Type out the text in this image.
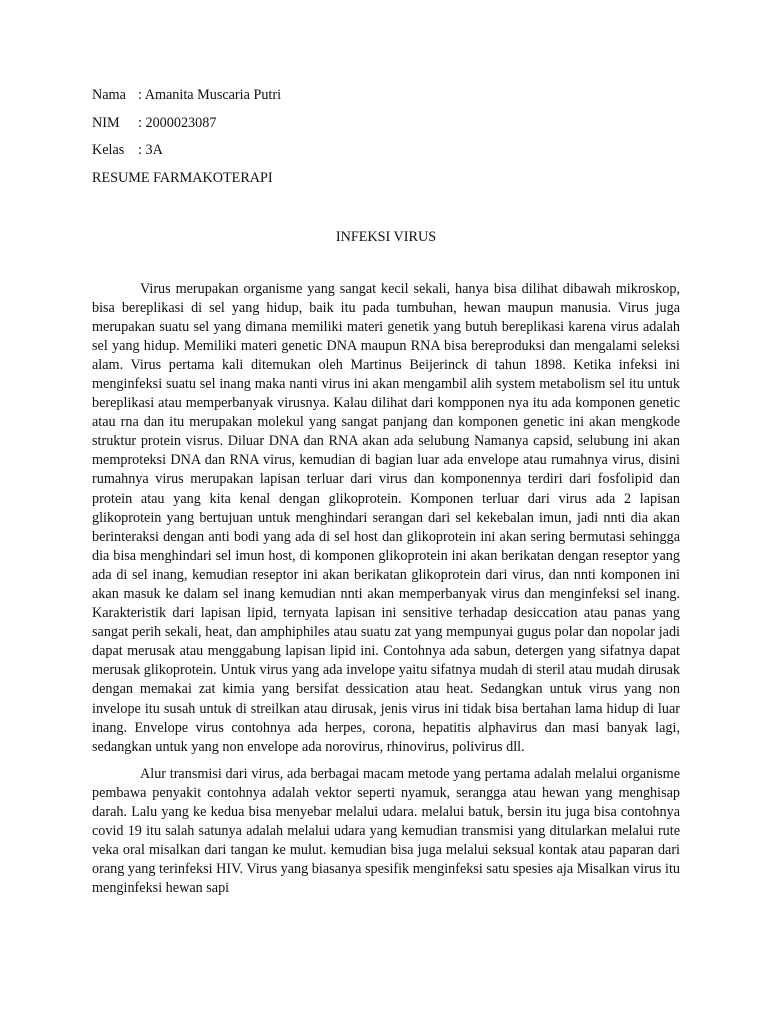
Nama : Amanita Muscaria Putri
NIM : 2000023087
Kelas : 3A
RESUME FARMAKOTERAPI
INFEKSI VIRUS

Virus merupakan organisme yang sangat kecil sekali, hanya bisa dilihat dibawah mikroskop, bisa bereplikasi di sel yang hidup, baik itu pada tumbuhan, hewan maupun manusia. Virus juga merupakan suatu sel yang dimana memiliki materi genetik yang butuh bereplikasi karena virus adalah sel yang hidup. Memiliki materi genetic DNA maupun RNA bisa bereproduksi dan mengalami seleksi alam. Virus pertama kali ditemukan oleh Martinus Beijerinck di tahun 1898. Ketika infeksi ini menginfeksi suatu sel inang maka nanti virus ini akan mengambil alih system metabolism sel itu untuk bereplikasi atau memperbanyak virusnya. Kalau dilihat dari kompponen nya itu ada komponen genetic atau rna dan itu merupakan molekul yang sangat panjang dan komponen genetic ini akan mengkode struktur protein visrus. Diluar DNA dan RNA akan ada selubung Namanya capsid, selubung ini akan memproteksi DNA dan RNA virus, kemudian di bagian luar ada envelope atau rumahnya virus, disini rumahnya virus merupakan lapisan terluar dari virus dan komponennya terdiri dari fosfolipid dan protein atau yang kita kenal dengan glikoprotein. Komponen terluar dari virus ada 2 lapisan glikoprotein yang bertujuan untuk menghindari serangan dari sel kekebalan imun, jadi nnti dia akan berinteraksi dengan anti bodi yang ada di sel host dan glikoprotein ini akan sering bermutasi sehingga dia bisa menghindari sel imun host, di komponen glikoprotein ini akan berikatan dengan reseptor yang ada di sel inang, kemudian reseptor ini akan berikatan glikoprotein dari virus, dan nnti komponen ini akan masuk ke dalam sel inang kemudian nnti akan memperbanyak virus dan menginfeksi sel inang. Karakteristik dari lapisan lipid, ternyata lapisan ini sensitive terhadap desiccation atau panas yang sangat perih sekali, heat, dan amphiphiles atau suatu zat yang mempunyai gugus polar dan nopolar jadi dapat merusak atau menggabung lapisan lipid ini. Contohnya ada sabun, detergen yang sifatnya dapat merusak glikoprotein. Untuk virus yang ada invelope yaitu sifatnya mudah di steril atau mudah dirusak dengan memakai zat kimia yang bersifat dessication atau heat. Sedangkan untuk virus yang non invelope itu susah untuk di streilkan atau dirusak, jenis virus ini tidak bisa bertahan lama hidup di luar inang. Envelope virus contohnya ada herpes, corona, hepatitis alphavirus dan masi banyak lagi, sedangkan untuk yang non envelope ada norovirus, rhinovirus, polivirus dll.

Alur transmisi dari virus, ada berbagai macam metode yang pertama adalah melalui organisme pembawa penyakit contohnya adalah vektor seperti nyamuk, serangga atau hewan yang menghisap darah. Lalu yang ke kedua bisa menyebar melalui udara. melalui batuk, bersin itu juga bisa contohnya covid 19 itu salah satunya adalah melalui udara yang kemudian transmisi yang ditularkan melalui rute veka oral misalkan dari tangan ke mulut. kemudian bisa juga melalui seksual kontak atau paparan dari orang yang terinfeksi HIV. Virus yang biasanya spesifik menginfeksi satu spesies aja Misalkan virus itu menginfeksi hewan sapi
